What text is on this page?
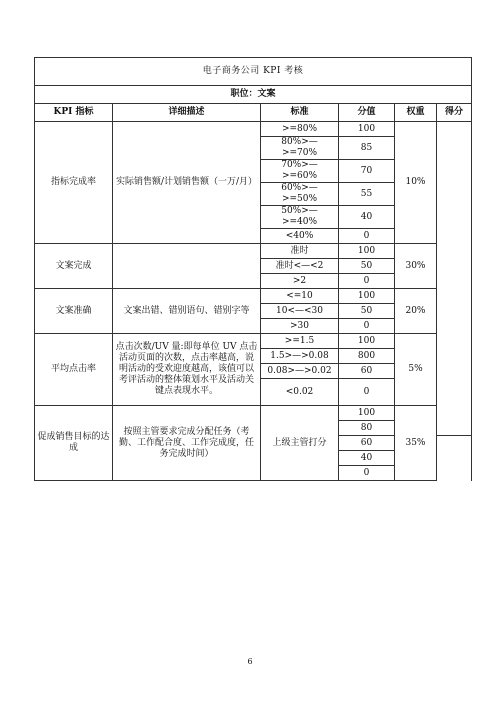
电子商务公司 KPI 考核						
职位：文案						
KPI 指标	详细描述	标准	分值	权重	得分	
指标完成率	实际销售额/计划销售额（一万/月）	>=80%	100	10%		
		80%>— >=70%	85			
		70%>— >=60%	70			
		60%>— >=50%	55			
		50%>— >=40%	40			
		<40%	0			
文案完成		准时	100	30%		
		准时<—<2	50			
		>2	0			
文案准确	文案出错、错别语句、错别字等	<=10	100	20%		
		10<—<30	50			
		>30	0			
平均点击率	点击次数/UV 量:即每单位 UV 点击活动页面的次数，点击率越高，说明活动的受欢迎度越高，该值可以考评活动的整体策划水平及活动关键点表现水平。	>=1.5	100	5%		
		1.5>—>0.08	800			
		0.08>—>0.02	60			
		<0.02	0			
促成销售目标的达成	按照主管要求完成分配任务（考勤、工作配合度、工作完成度，任务完成时间）	上级主管打分	100	35%		
			80			
			60			
			40			
			0			
6
